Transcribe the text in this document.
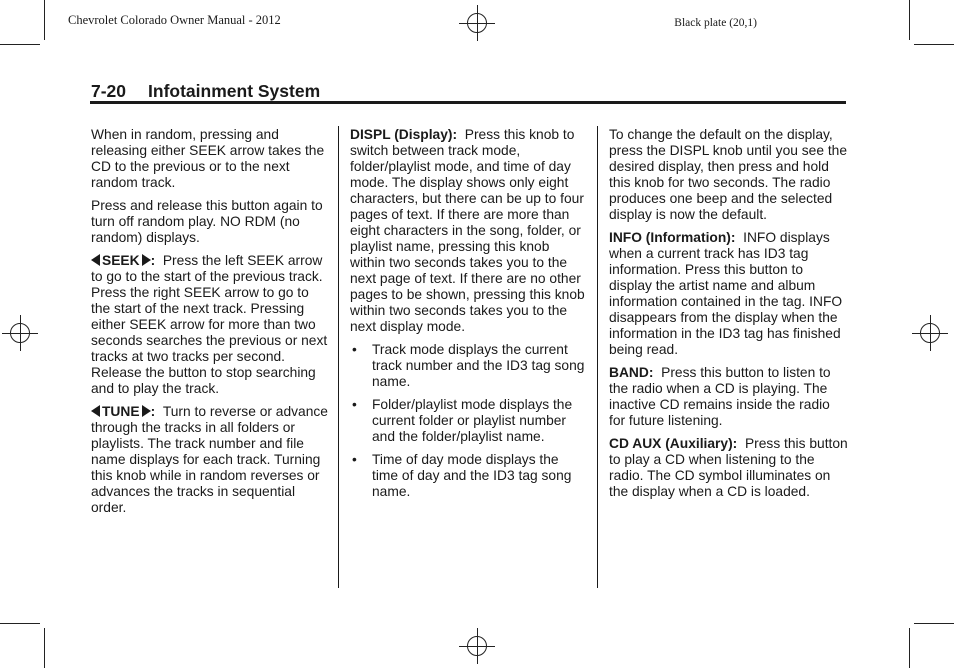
Chevrolet Colorado Owner Manual - 2012	Black plate (20,1)
7-20 Infotainment System

When in random, pressing and releasing either SEEK arrow takes the CD to the previous or to the next random track.

Press and release this button again to turn off random play. NO RDM (no random) displays.

SEEK : Press the left SEEK arrow to go to the start of the previous track. Press the right SEEK arrow to go to the start of the next track. Pressing either SEEK arrow for more than two seconds searches the previous or next tracks at two tracks per second. Release the button to stop searching and to play the track.

TUNE : Turn to reverse or advance through the tracks in all folders or playlists. The track number and file name displays for each track. Turning this knob while in random reverses or advances the tracks in sequential order.

DISPL (Display): Press this knob to switch between track mode, folder/playlist mode, and time of day mode. The display shows only eight characters, but there can be up to four pages of text. If there are more than eight characters in the song, folder, or playlist name, pressing this knob within two seconds takes you to the next page of text. If there are no other pages to be shown, pressing this knob within two seconds takes you to the next display mode.

• Track mode displays the current track number and the ID3 tag song name.
• Folder/playlist mode displays the current folder or playlist number and the folder/playlist name.
• Time of day mode displays the time of day and the ID3 tag song name.

To change the default on the display, press the DISPL knob until you see the desired display, then press and hold this knob for two seconds. The radio produces one beep and the selected display is now the default.

INFO (Information): INFO displays when a current track has ID3 tag information. Press this button to display the artist name and album information contained in the tag. INFO disappears from the display when the information in the ID3 tag has finished being read.

BAND: Press this button to listen to the radio when a CD is playing. The inactive CD remains inside the radio for future listening.

CD AUX (Auxiliary): Press this button to play a CD when listening to the radio. The CD symbol illuminates on the display when a CD is loaded.
